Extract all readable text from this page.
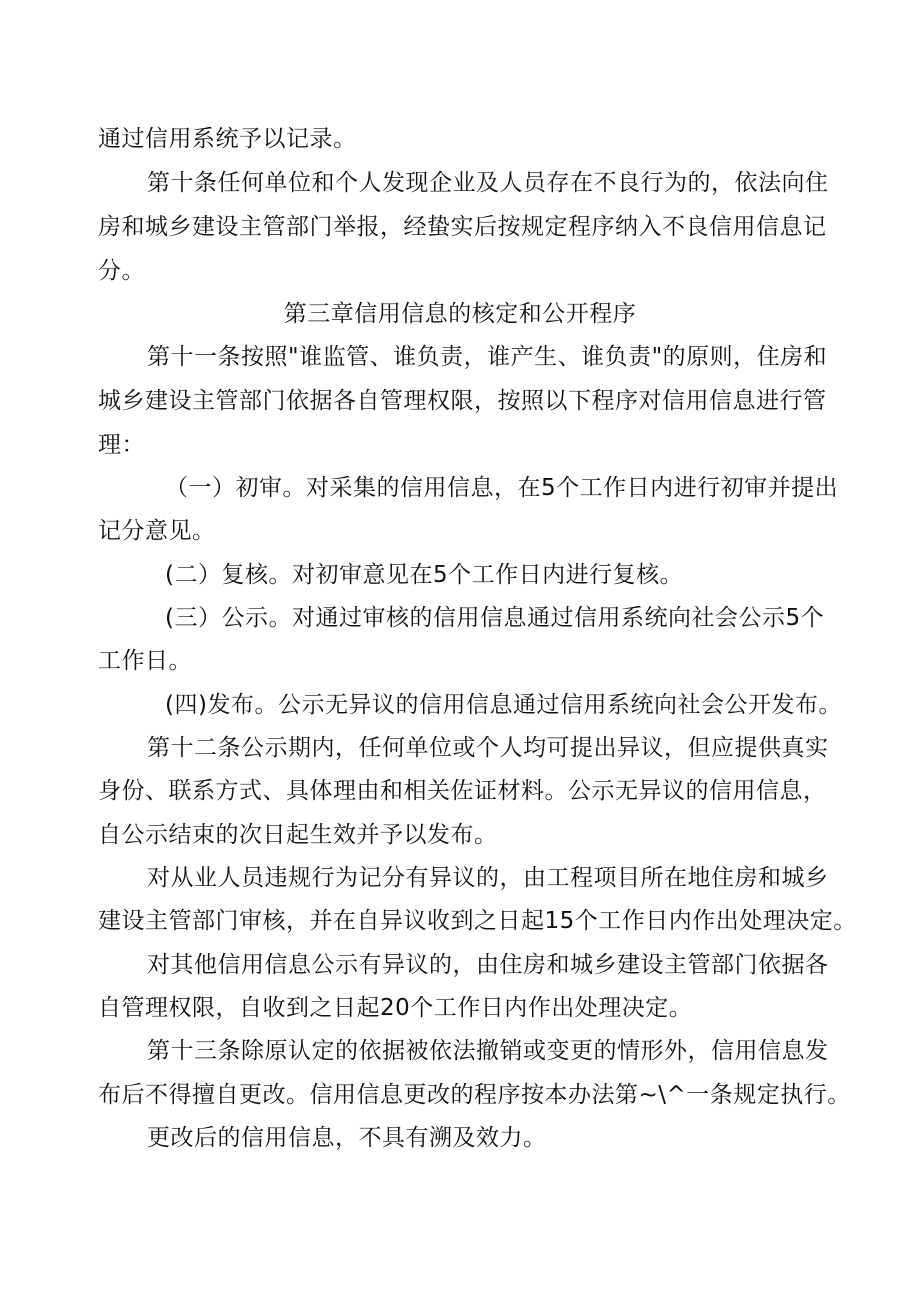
通过信用系统予以记录。
第十条任何单位和个人发现企业及人员存在不良行为的，依法向住
房和城乡建设主管部门举报，经蛰实后按规定程序纳入不良信用信息记
分。
第三章信用信息的核定和公开程序
第十一条按照"谁监管、谁负责，谁产生、谁负责"的原则，住房和
城乡建设主管部门依据各自管理权限，按照以下程序对信用信息进行管
理：
（一）初审。对采集的信用信息，在5个工作日内进行初审并提出
记分意见。
(二）复核。对初审意见在5个工作日内进行复核。
(三）公示。对通过审核的信用信息通过信用系统向社会公示5个
工作日。
(四)发布。公示无异议的信用信息通过信用系统向社会公开发布。
第十二条公示期内，任何单位或个人均可提出异议，但应提供真实
身份、联系方式、具体理由和相关佐证材料。公示无异议的信用信息，
自公示结束的次日起生效并予以发布。
对从业人员违规行为记分有异议的，由工程项目所在地住房和城乡
建设主管部门审核，并在自异议收到之日起15个工作日内作出处理决定。
对其他信用信息公示有异议的，由住房和城乡建设主管部门依据各
自管理权限，自收到之日起20个工作日内作出处理决定。
第十三条除原认定的依据被依法撤销或变更的情形外，信用信息发
布后不得擅自更改。信用信息更改的程序按本办法第~\^一条规定执行。
更改后的信用信息，不具有溯及效力。
